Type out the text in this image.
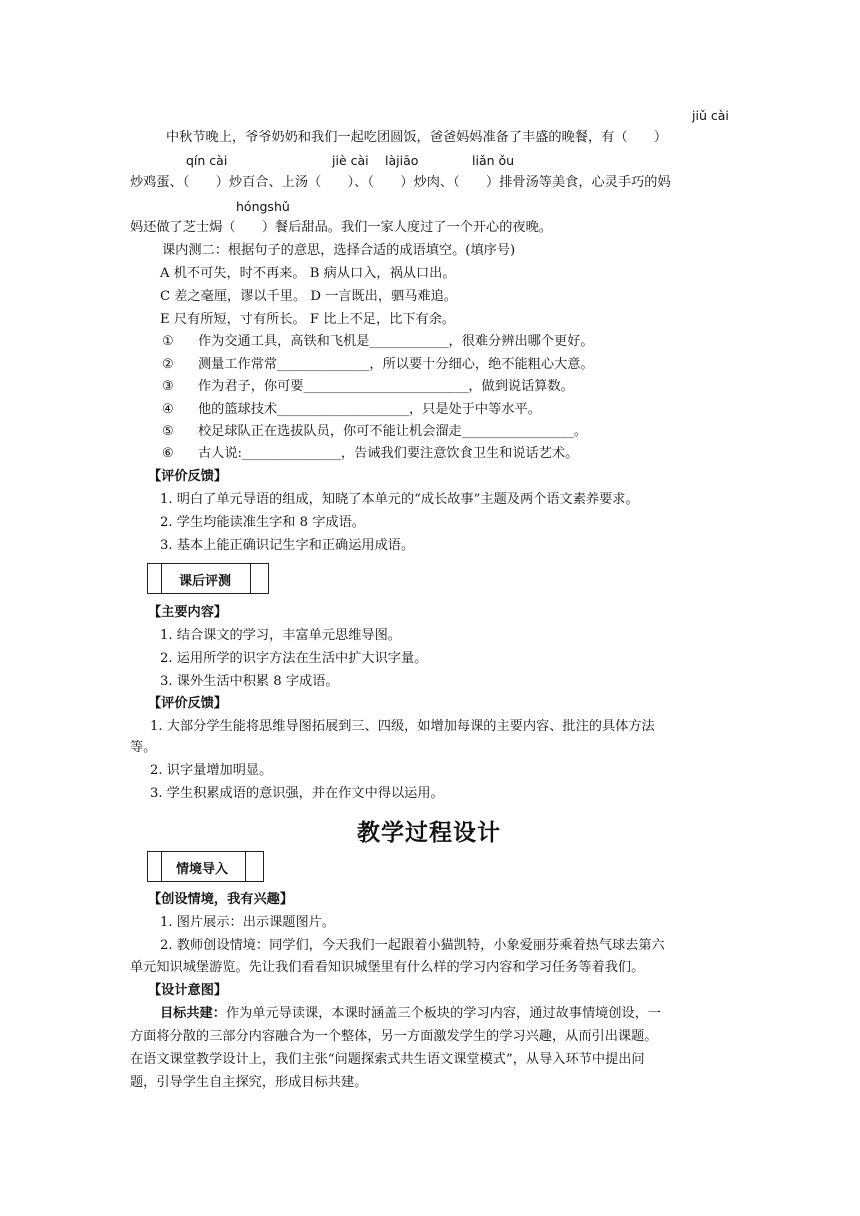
jiǔ cài
中秋节晚上，爷爷奶奶和我们一起吃团圆饭，爸爸妈妈准备了丰盛的晚餐，有（　　）
qín cài	jiè cài làjiāo	liǎn ǒu
炒鸡蛋、（　　）炒百合、上汤（　　）、（　　）炒肉、（　　）排骨汤等美食，心灵手巧的妈
hóngshǔ
妈还做了芝士焗（　　）餐后甜品。我们一家人度过了一个开心的夜晚。
课内测二：根据句子的意思，选择合适的成语填空。(填序号)
A 机不可失，时不再来。 B 病从口入，祸从口出。
C 差之毫厘，谬以千里。 D 一言既出，驷马难追。
E 尺有所短，寸有所长。 F 比上不足，比下有余。
① 作为交通工具，高铁和飞机是____________，很难分辨出哪个更好。
② 测量工作常常______________，所以要十分细心，绝不能粗心大意。
③ 作为君子，你可要_________________________，做到说话算数。
④ 他的篮球技术____________________，只是处于中等水平。
⑤ 校足球队正在选拔队员，你可不能让机会溜走_________________。
⑥ 古人说:_______________，告诫我们要注意饮食卫生和说话艺术。
【评价反馈】
1. 明白了单元导语的组成，知晓了本单元的“成长故事”主题及两个语文素养要求。
2. 学生均能读准生字和 8 字成语。
3. 基本上能正确识记生字和正确运用成语。
课后评测
【主要内容】
1. 结合课文的学习，丰富单元思维导图。
2. 运用所学的识字方法在生活中扩大识字量。
3. 课外生活中积累 8 字成语。
【评价反馈】
1. 大部分学生能将思维导图拓展到三、四级，如增加每课的主要内容、批注的具体方法
等。
2. 识字量增加明显。
3. 学生积累成语的意识强，并在作文中得以运用。
教学过程设计
情境导入
【创设情境，我有兴趣】
1. 图片展示：出示课题图片。
2. 教师创设情境：同学们，今天我们一起跟着小猫凯特，小象爱丽芬乘着热气球去第六
单元知识城堡游览。先让我们看看知识城堡里有什么样的学习内容和学习任务等着我们。
【设计意图】
目标共建：作为单元导读课，本课时涵盖三个板块的学习内容，通过故事情境创设，一
方面将分散的三部分内容融合为一个整体，另一方面激发学生的学习兴趣，从而引出课题。
在语文课堂教学设计上，我们主张“问题探索式共生语文课堂模式”，从导入环节中提出问
题，引导学生自主探究，形成目标共建。
